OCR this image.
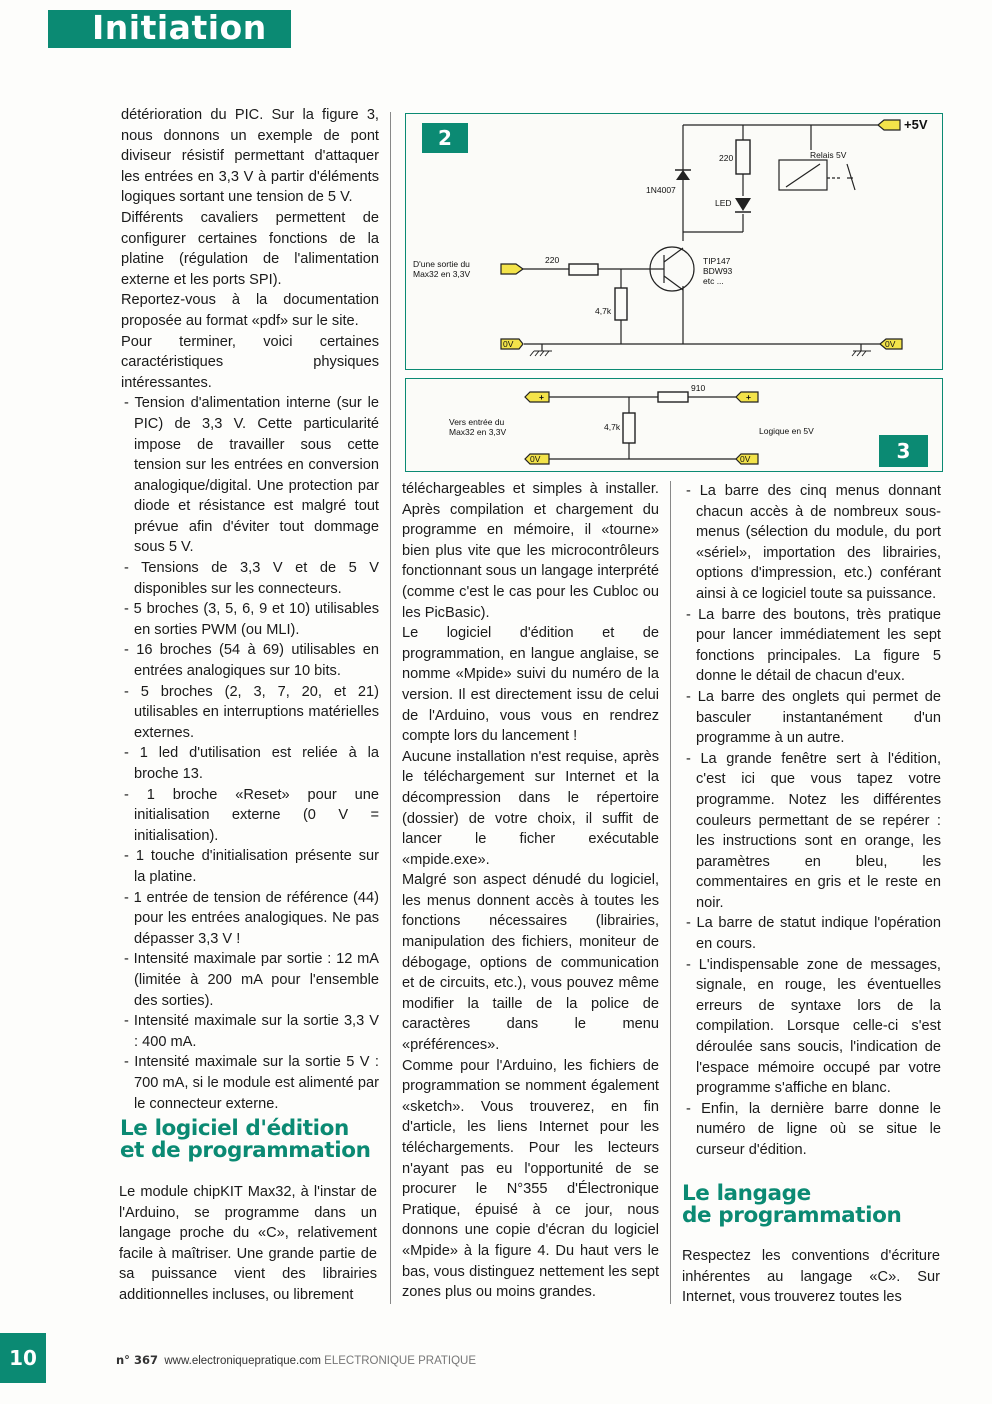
Initiation

détérioration du PIC. Sur la figure 3, nous donnons un exemple de pont diviseur résistif permettant d'attaquer les entrées en 3,3 V à partir d'éléments logiques sortant une tension de 5 V.

Différents cavaliers permettent de configurer certaines fonctions de la platine (régulation de l'alimentation externe et les ports SPI).

Reportez-vous à la documentation proposée au format «pdf» sur le site.

Pour terminer, voici certaines caractéristiques physiques intéressantes.

- Tension d'alimentation interne (sur le PIC) de 3,3 V. Cette particularité impose de travailler sous cette tension sur les entrées en conversion analogique/digital. Une protection par diode et résistance est malgré tout prévue afin d'éviter tout dommage sous 5 V.

- Tensions de 3,3 V et de 5 V disponibles sur les connecteurs.

- 5 broches (3, 5, 6, 9 et 10) utilisables en sorties PWM (ou MLI).

- 16 broches (54 à 69) utilisables en entrées analogiques sur 10 bits.

- 5 broches (2, 3, 7, 20, et 21) utilisables en interruptions matérielles externes.

- 1 led d'utilisation est reliée à la broche 13.

- 1 broche «Reset» pour une initialisation externe (0 V = initialisation).

- 1 touche d'initialisation présente sur la platine.

- 1 entrée de tension de référence (44) pour les entrées analogiques. Ne pas dépasser 3,3 V !

- Intensité maximale par sortie : 12 mA (limitée à 200 mA pour l'ensemble des sorties).

- Intensité maximale sur la sortie 3,3 V : 400 mA.

- Intensité maximale sur la sortie 5 V : 700 mA, si le module est alimenté par le connecteur externe.

Le logiciel d'édition
et de programmation

Le module chipKIT Max32, à l'instar de l'Arduino, se programme dans un langage proche du «C», relativement facile à maîtriser. Une grande partie de sa puissance vient des librairies additionnelles incluses, ou librement

2
D'une sortie du
Max32 en 3,3V
220
4,7k
220
1N4007
LED
Relais 5V
TIP147
BDW93
etc ...
+5V
0V	0V
+	+
0V	0V
910
4,7k
Vers entrée du
Max32 en 3,3V	Logique en 5V
3

téléchargeables et simples à installer. Après compilation et chargement du programme en mémoire, il «tourne» bien plus vite que les microcontrôleurs fonctionnant sous un langage interprété (comme c'est le cas pour les Cubloc ou les PicBasic).

Le logiciel d'édition et de programmation, en langue anglaise, se nomme «Mpide» suivi du numéro de la version. Il est directement issu de celui de l'Arduino, vous vous en rendrez compte lors du lancement !

Aucune installation n'est requise, après le téléchargement sur Internet et la décompression dans le répertoire (dossier) de votre choix, il suffit de lancer le ficher exécutable «mpide.exe».

Malgré son aspect dénudé du logiciel, les menus donnent accès à toutes les fonctions nécessaires (librairies, manipulation des fichiers, moniteur de débogage, options de communication et de circuits, etc.), vous pouvez même modifier la taille de la police de caractères dans le menu «préférences».

Comme pour l'Arduino, les fichiers de programmation se nomment également «sketch». Vous trouverez, en fin d'article, les liens Internet pour les téléchargements. Pour les lecteurs n'ayant pas eu l'opportunité de se procurer le N°355 d'Électronique Pratique, épuisé à ce jour, nous donnons une copie d'écran du logiciel «Mpide» à la figure 4. Du haut vers le bas, vous distinguez nettement les sept zones plus ou moins grandes.

- La barre des cinq menus donnant chacun accès à de nombreux sous-menus (sélection du module, du port «sériel», importation des librairies, options d'impression, etc.) conférant ainsi à ce logiciel toute sa puissance.

- La barre des boutons, très pratique pour lancer immédiatement les sept fonctions principales. La figure 5 donne le détail de chacun d'eux.

- La barre des onglets qui permet de basculer instantanément d'un programme à un autre.

- La grande fenêtre sert à l'édition, c'est ici que vous tapez votre programme. Notez les différentes couleurs permettant de se repérer : les instructions sont en orange, les paramètres en bleu, les commentaires en gris et le reste en noir.

- La barre de statut indique l'opération en cours.

- L'indispensable zone de messages, signale, en rouge, les éventuelles erreurs de syntaxe lors de la compilation. Lorsque celle-ci s'est déroulée sans soucis, l'indication de l'espace mémoire occupé par votre programme s'affiche en blanc.

- Enfin, la dernière barre donne le numéro de ligne où se situe le curseur d'édition.

Le langage
de programmation

Respectez les conventions d'écriture inhérentes au langage «C». Sur Internet, vous trouverez toutes les

10	n° 367 www.electroniquepratique.com ELECTRONIQUE PRATIQUE
